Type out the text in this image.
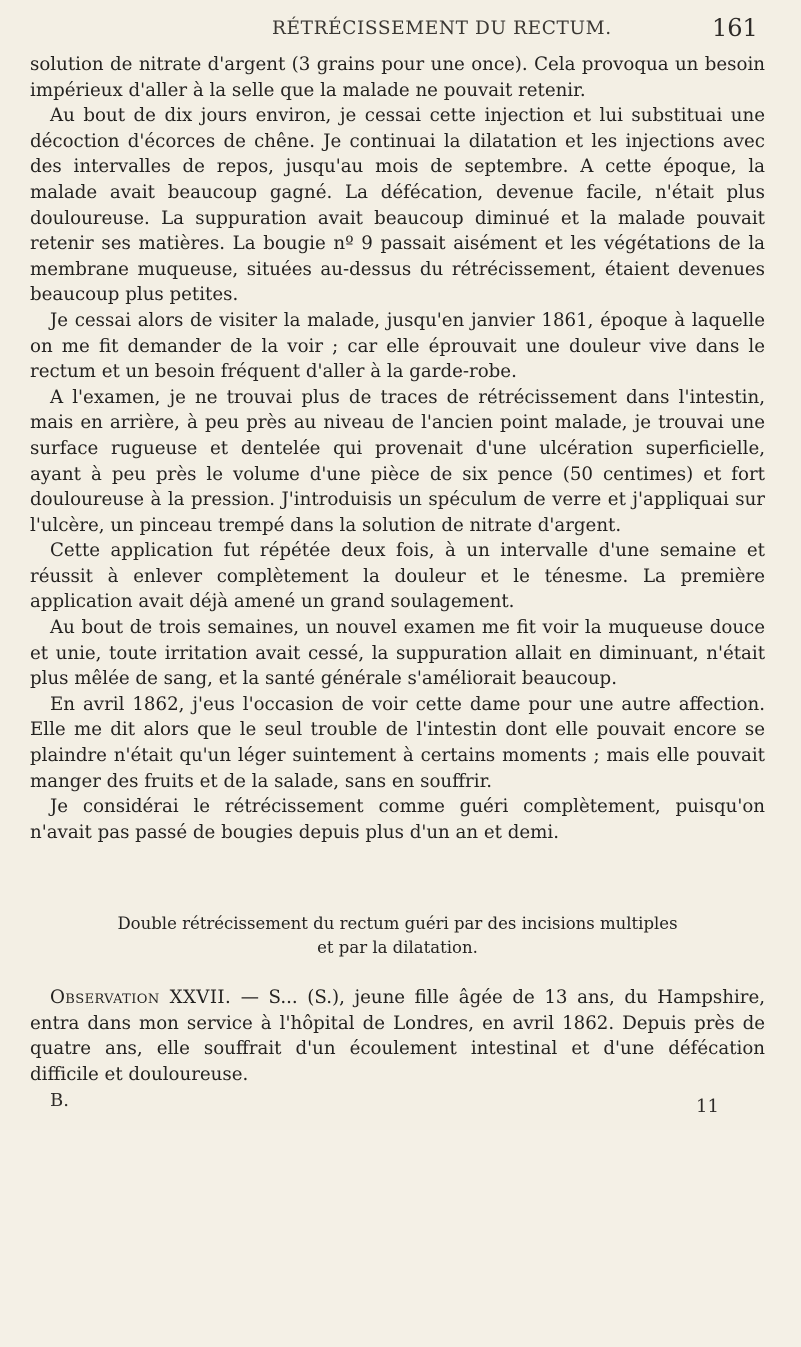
RÉTRÉCISSEMENT DU RECTUM.	161

solution de nitrate d'argent (3 grains pour une once). Cela provoqua un besoin impérieux d'aller à la selle que la malade ne pouvait retenir.

Au bout de dix jours environ, je cessai cette injection et lui substituai une décoction d'écorces de chêne. Je continuai la dilatation et les injections avec des intervalles de repos, jusqu'au mois de septembre. A cette époque, la malade avait beaucoup gagné. La défécation, devenue facile, n'était plus douloureuse. La suppuration avait beaucoup diminué et la malade pouvait retenir ses matières. La bougie nº 9 passait aisément et les végétations de la membrane muqueuse, situées au-dessus du rétrécissement, étaient devenues beaucoup plus petites.

Je cessai alors de visiter la malade, jusqu'en janvier 1861, époque à laquelle on me fit demander de la voir ; car elle éprouvait une douleur vive dans le rectum et un besoin fréquent d'aller à la garde-robe.

A l'examen, je ne trouvai plus de traces de rétrécissement dans l'intestin, mais en arrière, à peu près au niveau de l'ancien point malade, je trouvai une surface rugueuse et dentelée qui provenait d'une ulcération superficielle, ayant à peu près le volume d'une pièce de six pence (50 centimes) et fort douloureuse à la pression. J'introduisis un spéculum de verre et j'appliquai sur l'ulcère, un pinceau trempé dans la solution de nitrate d'argent.

Cette application fut répétée deux fois, à un intervalle d'une semaine et réussit à enlever complètement la douleur et le ténesme. La première application avait déjà amené un grand soulagement.

Au bout de trois semaines, un nouvel examen me fit voir la muqueuse douce et unie, toute irritation avait cessé, la suppuration allait en diminuant, n'était plus mêlée de sang, et la santé générale s'améliorait beaucoup.

En avril 1862, j'eus l'occasion de voir cette dame pour une autre affection. Elle me dit alors que le seul trouble de l'intestin dont elle pouvait encore se plaindre n'était qu'un léger suintement à certains moments ; mais elle pouvait manger des fruits et de la salade, sans en souffrir.

Je considérai le rétrécissement comme guéri complètement, puisqu'on n'avait pas passé de bougies depuis plus d'un an et demi.

Double rétrécissement du rectum guéri par des incisions multiples
et par la dilatation.

Observation XXVII. — S... (S.), jeune fille âgée de 13 ans, du Hampshire, entra dans mon service à l'hôpital de Londres, en avril 1862. Depuis près de quatre ans, elle souffrait d'un écoulement intestinal et d'une défécation difficile et douloureuse.

B.	11
